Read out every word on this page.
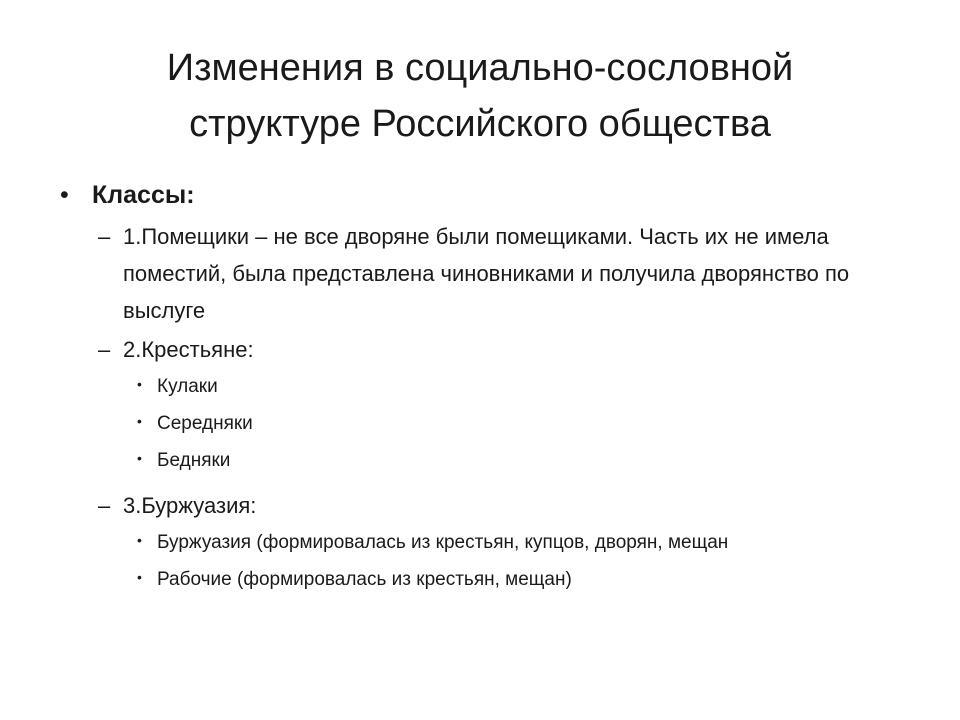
Изменения в социально-сословной
структуре Российского общества
• Классы:
– 1.Помещики – не все дворяне были помещиками. Часть их не имела поместий, была представлена чиновниками и получила дворянство по выслуге
– 2.Крестьяне:
• Кулаки
• Середняки
• Бедняки
– 3.Буржуазия:
• Буржуазия (формировалась из крестьян, купцов, дворян, мещан
• Рабочие (формировалась из крестьян, мещан)
